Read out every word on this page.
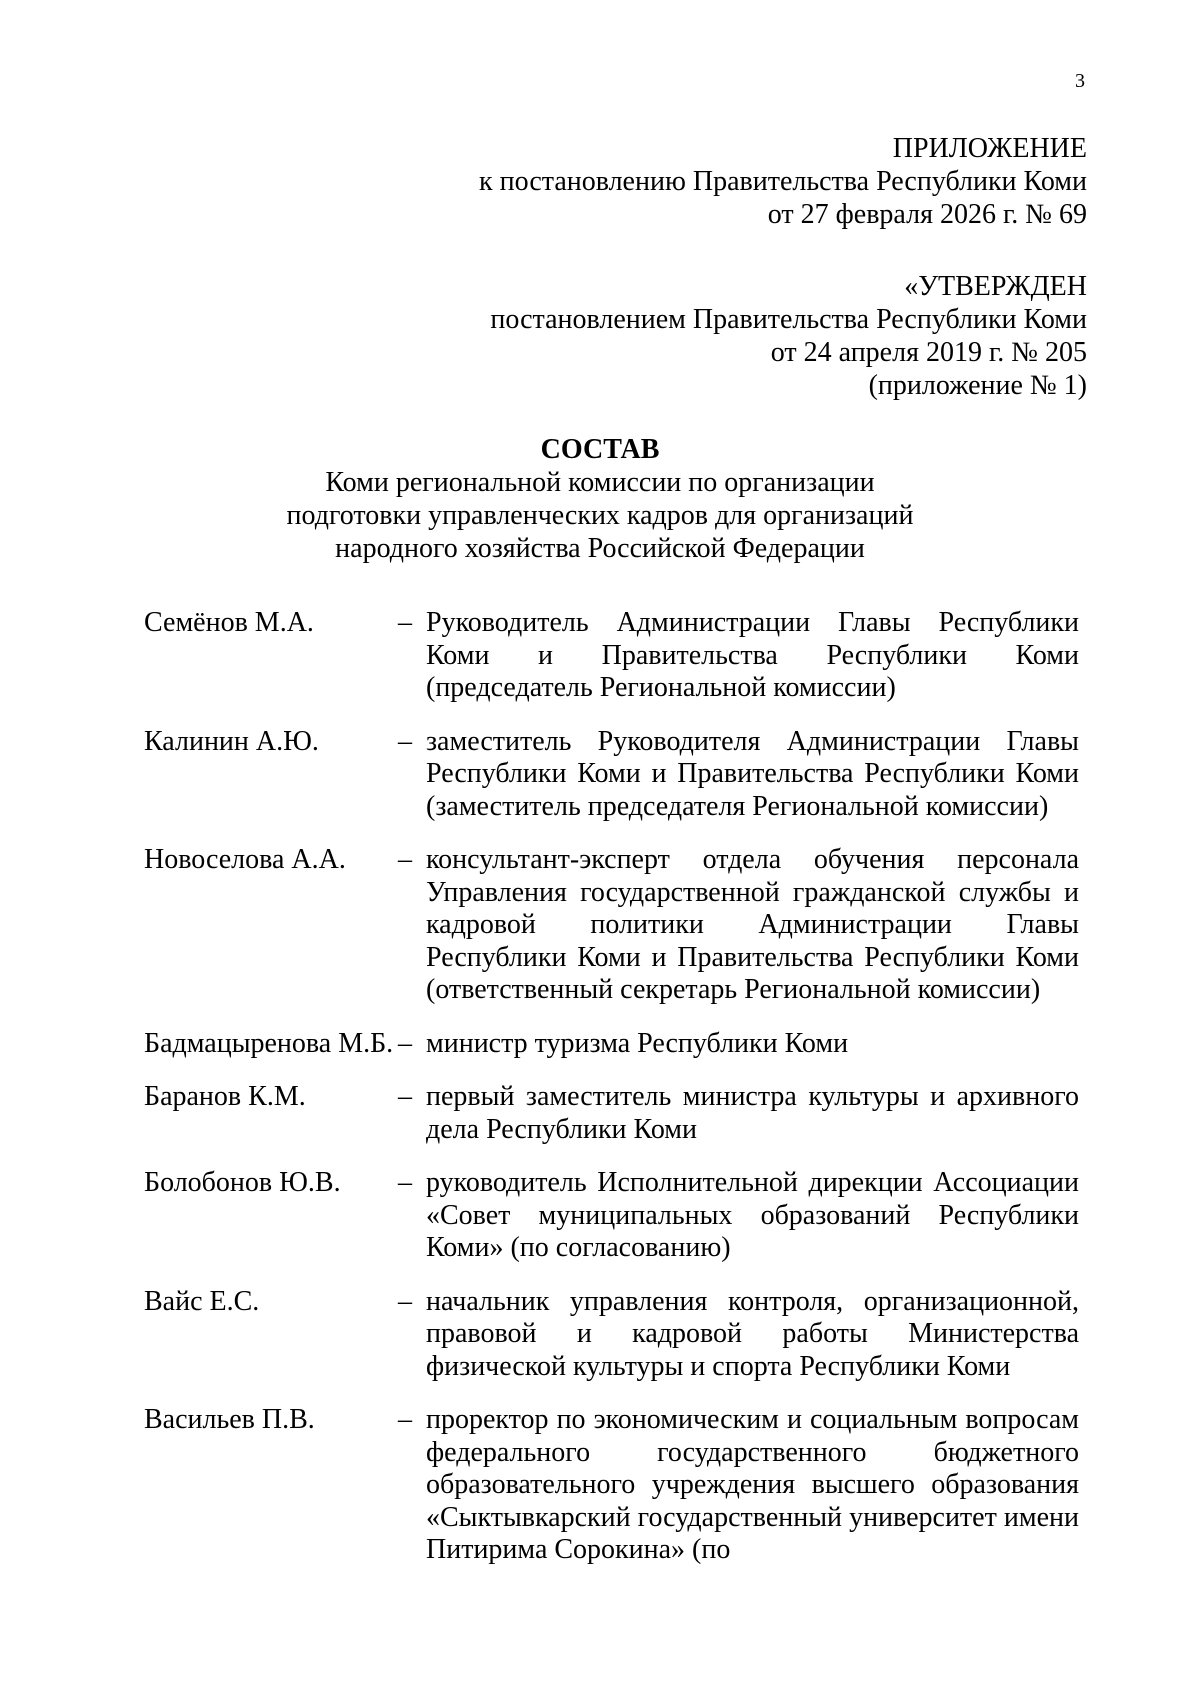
3
ПРИЛОЖЕНИЕ
к постановлению Правительства Республики Коми
от 27 февраля 2026 г. № 69
«УТВЕРЖДЕН
постановлением Правительства Республики Коми
от 24 апреля 2019 г. № 205
(приложение № 1)
СОСТАВ
Коми региональной комиссии по организации
подготовки управленческих кадров для организаций
народного хозяйства Российской Федерации
Семёнов М.А.	– Руководитель Администрации Главы Республики Коми и Правительства Республики Коми (председатель Региональной комиссии)
Калинин А.Ю.	– заместитель Руководителя Администрации Главы Республики Коми и Правительства Республики Коми (заместитель председателя Региональной комиссии)
Новоселова А.А.	– консультант-эксперт отдела обучения персонала Управления государственной гражданской службы и кадровой политики Администрации Главы Республики Коми и Правительства Республики Коми (ответственный секретарь Региональной комиссии)
Бадмацыренова М.Б. – министр туризма Республики Коми
Баранов К.М.	– первый заместитель министра культуры и архивного дела Республики Коми
Болобонов Ю.В.	– руководитель Исполнительной дирекции Ассоциации «Совет муниципальных образований Республики Коми» (по согласованию)
Вайс Е.С.	– начальник управления контроля, организационной, правовой и кадровой работы Министерства физической культуры и спорта Республики Коми
Васильев П.В.	– проректор по экономическим и социальным вопросам федерального государственного бюджетного образовательного учреждения высшего образования «Сыктывкарский государственный университет имени Питирима Сорокина» (по
